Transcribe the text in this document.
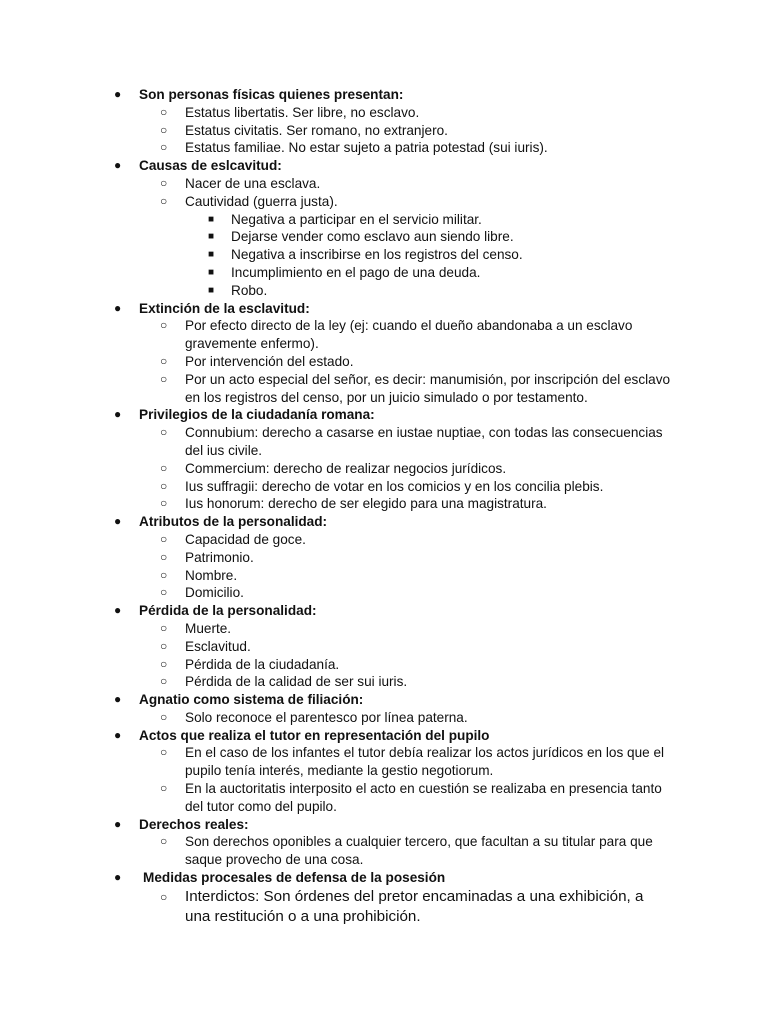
● Son personas físicas quienes presentan:
○ Estatus libertatis. Ser libre, no esclavo.
○ Estatus civitatis. Ser romano, no extranjero.
○ Estatus familiae. No estar sujeto a patria potestad (sui iuris).
● Causas de eslcavitud:
○ Nacer de una esclava.
○ Cautividad (guerra justa).
■ Negativa a participar en el servicio militar.
■ Dejarse vender como esclavo aun siendo libre.
■ Negativa a inscribirse en los registros del censo.
■ Incumplimiento en el pago de una deuda.
■ Robo.
● Extinción de la esclavitud:
○ Por efecto directo de la ley (ej: cuando el dueño abandonaba a un esclavo gravemente enfermo).
○ Por intervención del estado.
○ Por un acto especial del señor, es decir: manumisión, por inscripción del esclavo en los registros del censo, por un juicio simulado o por testamento.
● Privilegios de la ciudadanía romana:
○ Connubium: derecho a casarse en iustae nuptiae, con todas las consecuencias del ius civile.
○ Commercium: derecho de realizar negocios jurídicos.
○ Ius suffragii: derecho de votar en los comicios y en los concilia plebis.
○ Ius honorum: derecho de ser elegido para una magistratura.
● Atributos de la personalidad:
○ Capacidad de goce.
○ Patrimonio.
○ Nombre.
○ Domicilio.
● Pérdida de la personalidad:
○ Muerte.
○ Esclavitud.
○ Pérdida de la ciudadanía.
○ Pérdida de la calidad de ser sui iuris.
● Agnatio como sistema de filiación:
○ Solo reconoce el parentesco por línea paterna.
● Actos que realiza el tutor en representación del pupilo
○ En el caso de los infantes el tutor debía realizar los actos jurídicos en los que el pupilo tenía interés, mediante la gestio negotiorum.
○ En la auctoritatis interposito el acto en cuestión se realizaba en presencia tanto del tutor como del pupilo.
● Derechos reales:
○ Son derechos oponibles a cualquier tercero, que facultan a su titular para que saque provecho de una cosa.
● Medidas procesales de defensa de la posesión
○ Interdictos: Son órdenes del pretor encaminadas a una exhibición, a una restitución o a una prohibición.
